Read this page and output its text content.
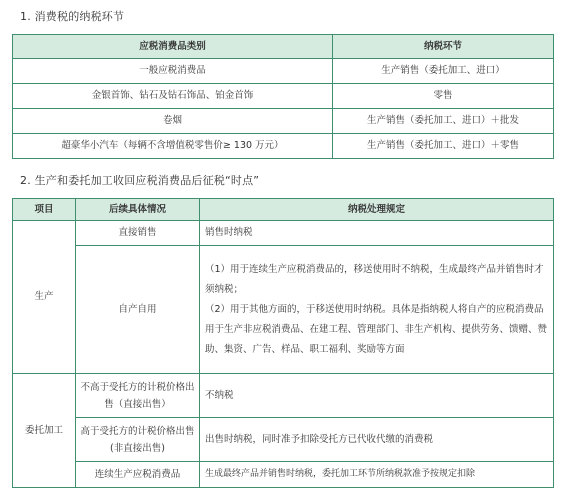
1. 消费税的纳税环节
应税消费品类别	纳税环节
一般应税消费品	生产销售（委托加工、进口）
金银首饰、钻石及钻石饰品、铂金首饰	零售
卷烟	生产销售（委托加工、进口）＋批发
超豪华小汽车（每辆不含增值税零售价≥ 130 万元）	生产销售（委托加工、进口）＋零售
2. 生产和委托加工收回应税消费品后征税“时点”
项目	后续具体情况	纳税处理规定
生产	直接销售	销售时纳税
	自产自用	（1）用于连续生产应税消费品的，移送使用时不纳税，生成最终产品并销售时才须纳税；
（2）用于其他方面的，于移送使用时纳税。具体是指纳税人将自产的应税消费品用于生产非应税消费品、在建工程、管理部门、非生产机构、提供劳务、馈赠、赞助、集资、广告、样品、职工福利、奖励等方面

委托加工	不高于受托方的计税价格出售（直接出售）	不纳税
	高于受托方的计税价格出售(非直接出售)	出售时纳税，同时准予扣除受托方已代收代缴的消费税
	连续生产应税消费品	生成最终产品并销售时纳税，委托加工环节所纳税款准予按规定扣除
